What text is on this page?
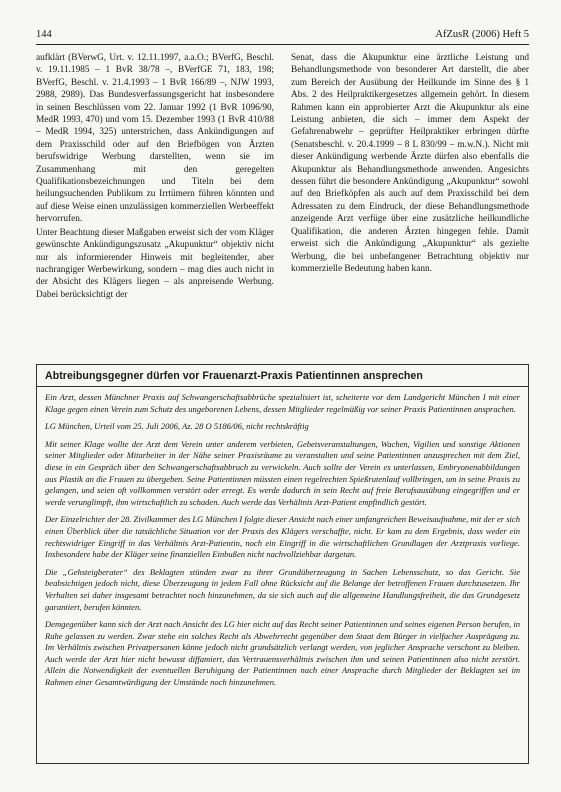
144	AfZusR (2006) Heft 5

aufklärt (BVerwG, Urt. v. 12.11.1997, a.a.O.; BVerfG, Beschl. v. 19.11.1985 – 1 BvR 38/78 –, BVerfGE 71, 183, 198; BVerfG, Beschl. v. 21.4.1993 – 1 BvR 166/89 –, NJW 1993, 2988, 2989). Das Bundesverfassungsgericht hat insbesondere in seinen Beschlüssen vom 22. Januar 1992 (1 BvR 1096/90, MedR 1993, 470) und vom 15. Dezember 1993 (1 BvR 410/88 – MedR 1994, 325) unterstrichen, dass Ankündigungen auf dem Praxisschild oder auf den Briefbögen von Ärzten berufswidrige Werbung darstellten, wenn sie im Zusammenhang mit den geregelten Qualifikationsbezeichnungen und Titeln bei dem heilungsuchenden Publikum zu Irrtümern führen könnten und auf diese Weise einen unzulässigen kommerziellen Werbeeffekt hervorrufen.

Unter Beachtung dieser Maßgaben erweist sich der vom Kläger gewünschte Ankündigungszusatz „Akupunktur“ objektiv nicht nur als informierender Hinweis mit begleitender, aber nachrangiger Werbewirkung, sondern – mag dies auch nicht in der Absicht des Klägers liegen – als anpreisende Werbung. Dabei berücksichtigt der

Senat, dass die Akupunktur eine ärztliche Leistung und Behandlungsmethode von besonderer Art darstellt, die aber zum Bereich der Ausübung der Heilkunde im Sinne des § 1 Abs. 2 des Heilpraktikergesetzes allgemein gehört. In diesem Rahmen kann ein approbierter Arzt die Akupunktur als eine Leistung anbieten, die sich – immer dem Aspekt der Gefahrenabwehr – geprüfter Heilpraktiker erbringen dürfte (Senatsbeschl. v. 20.4.1999 – 8 L 830/99 – m.w.N.). Nicht mit dieser Ankündigung werbende Ärzte dürfen also ebenfalls die Akupunktur als Behandlungsmethode anwenden. Angesichts dessen führt die besondere Ankündigung „Akupunktur“ sowohl auf den Briefköpfen als auch auf dem Praxisschild bei dem Adressaten zu dem Eindruck, der diese Behandlungsmethode anzeigende Arzt verfüge über eine zusätzliche heilkundliche Qualifikation, die anderen Ärzten hingegen fehle. Damit erweist sich die Ankündigung „Akupunktur“ als gezielte Werbung, die bei unbefangener Betrachtung objektiv nur kommerzielle Bedeutung haben kann.

Abtreibungsgegner dürfen vor Frauenarzt-Praxis Patientinnen ansprechen

Ein Arzt, dessen Münchner Praxis auf Schwangerschaftsabbrüche spezialisiert ist, scheiterte vor dem Landgericht München I mit einer Klage gegen einen Verein zum Schutz des ungeborenen Lebens, dessen Mitglieder regelmäßig vor seiner Praxis Patientinnen ansprachen.

LG München, Urteil vom 25. Juli 2006, Az. 28 O 5186/06, nicht rechtskräftig

Mit seiner Klage wollte der Arzt dem Verein unter anderem verbieten, Gebetsveranstaltungen, Wachen, Vigilien und sonstige Aktionen seiner Mitglieder oder Mitarbeiter in der Nähe seiner Praxisräume zu veranstalten und seine Patientinnen anzusprechen mit dem Ziel, diese in ein Gespräch über den Schwangerschaftsabbruch zu verwickeln. Auch sollte der Verein es unterlassen, Embryonenabbildungen aus Plastik an die Frauen zu übergeben. Seine Patientinnen müssten einen regelrechten Spießrutenlauf vollbringen, um in seine Praxis zu gelangen, und seien oft vollkommen verstört oder erregt. Es werde dadurch in sein Recht auf freie Berufsausübung eingegriffen und er werde verunglimpft, ihm wirtschaftlich zu schaden. Auch werde das Verhältnis Arzt-Patient empfindlich gestört.

Der Einzelrichter der 28. Zivilkammer des LG München I folgte dieser Ansicht nach einer umfangreichen Beweisaufnahme, mit der er sich einen Überblick über die tatsächliche Situation vor der Praxis des Klägers verschaffte, nicht. Er kam zu dem Ergebnis, dass weder ein rechtswidriger Eingriff in das Verhältnis Arzt-Patientin, noch ein Eingriff in die wirtschaftlichen Grundlagen der Arztpraxis vorliege. Insbesondere habe der Kläger seine finanziellen Einbußen nicht nachvollziehbar dargetan.

Die „Gehsteigberater“ des Beklagten stünden zwar zu ihrer Grundüberzeugung in Sachen Lebensschutz, so das Gericht. Sie beabsichtigen jedoch nicht, diese Überzeugung in jedem Fall ohne Rücksicht auf die Belange der betroffenen Frauen durchzusetzen. Ihr Verhalten sei daher insgesamt betrachtet noch hinzunehmen, da sie sich auch auf die allgemeine Handlungsfreiheit, die das Grundgesetz garantiert, berufen könnten.

Demgegenüber kann sich der Arzt nach Ansicht des LG hier nicht auf das Recht seiner Patientinnen und seines eigenen Person berufen, in Ruhe gelassen zu werden. Zwar stehe ein solches Recht als Abwehrrecht gegenüber dem Staat dem Bürger in vielfacher Ausprägung zu. Im Verhältnis zwischen Privatpersonen könne jedoch nicht grundsätzlich verlangt werden, von jeglicher Ansprache verschont zu bleiben. Auch werde der Arzt hier nicht bewusst diffamiert, das Vertrauensverhältnis zwischen ihm und seinen Patientinnen also nicht zerstört. Allein die Notwendigkeit der eventuellen Beruhigung der Patientinnen nach einer Ansprache durch Mitglieder der Beklagten sei im Rahmen einer Gesamtwürdigung der Umstände noch hinzunehmen.
